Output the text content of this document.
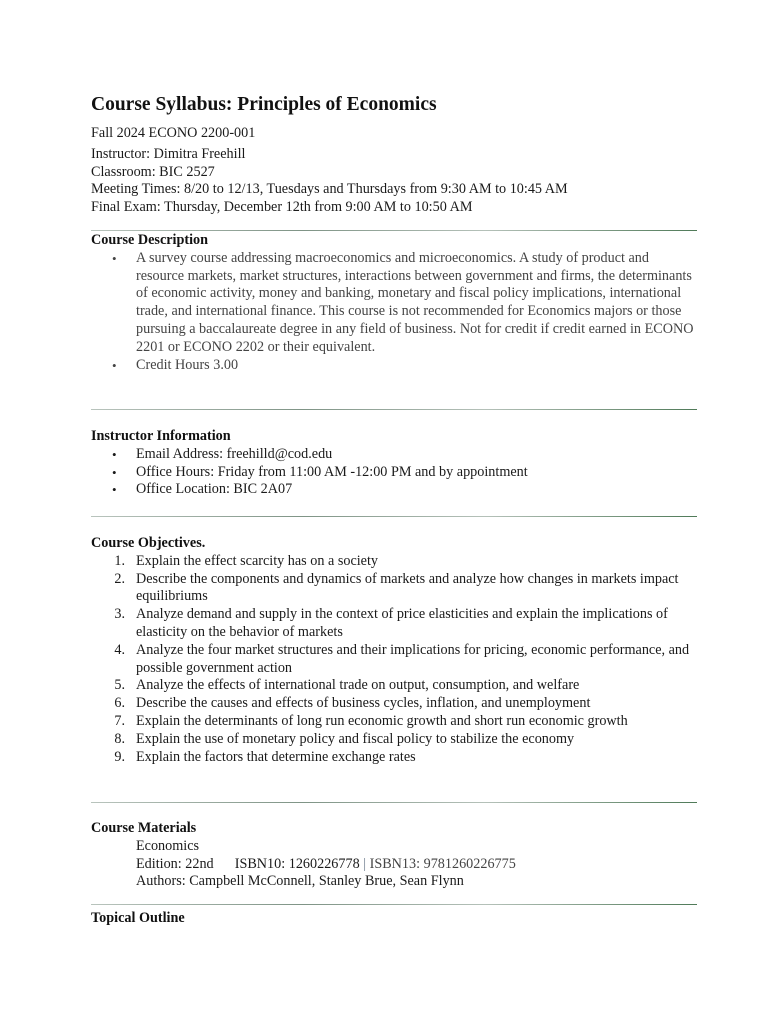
Course Syllabus: Principles of Economics
Fall 2024 ECONO 2200-001
Instructor: Dimitra Freehill
Classroom: BIC 2527
Meeting Times: 8/20 to 12/13, Tuesdays and Thursdays from 9:30 AM to 10:45 AM
Final Exam: Thursday, December 12th from 9:00 AM to 10:50 AM
Course Description
• A survey course addressing macroeconomics and microeconomics. A study of product and resource markets, market structures, interactions between government and firms, the determinants of economic activity, money and banking, monetary and fiscal policy implications, international trade, and international finance. This course is not recommended for Economics majors or those pursuing a baccalaureate degree in any field of business. Not for credit if credit earned in ECONO 2201 or ECONO 2202 or their equivalent.
• Credit Hours 3.00
Instructor Information
• Email Address: freehilld@cod.edu
• Office Hours: Friday from 11:00 AM -12:00 PM and by appointment
• Office Location: BIC 2A07
Course Objectives.
1. Explain the effect scarcity has on a society
2. Describe the components and dynamics of markets and analyze how changes in markets impact equilibriums
3. Analyze demand and supply in the context of price elasticities and explain the implications of elasticity on the behavior of markets
4. Analyze the four market structures and their implications for pricing, economic performance, and possible government action
5. Analyze the effects of international trade on output, consumption, and welfare
6. Describe the causes and effects of business cycles, inflation, and unemployment
7. Explain the determinants of long run economic growth and short run economic growth
8. Explain the use of monetary policy and fiscal policy to stabilize the economy
9. Explain the factors that determine exchange rates
Course Materials
Economics
Edition: 22nd ISBN10: 1260226778 | ISBN13: 9781260226775
Authors: Campbell McConnell, Stanley Brue, Sean Flynn
Topical Outline
